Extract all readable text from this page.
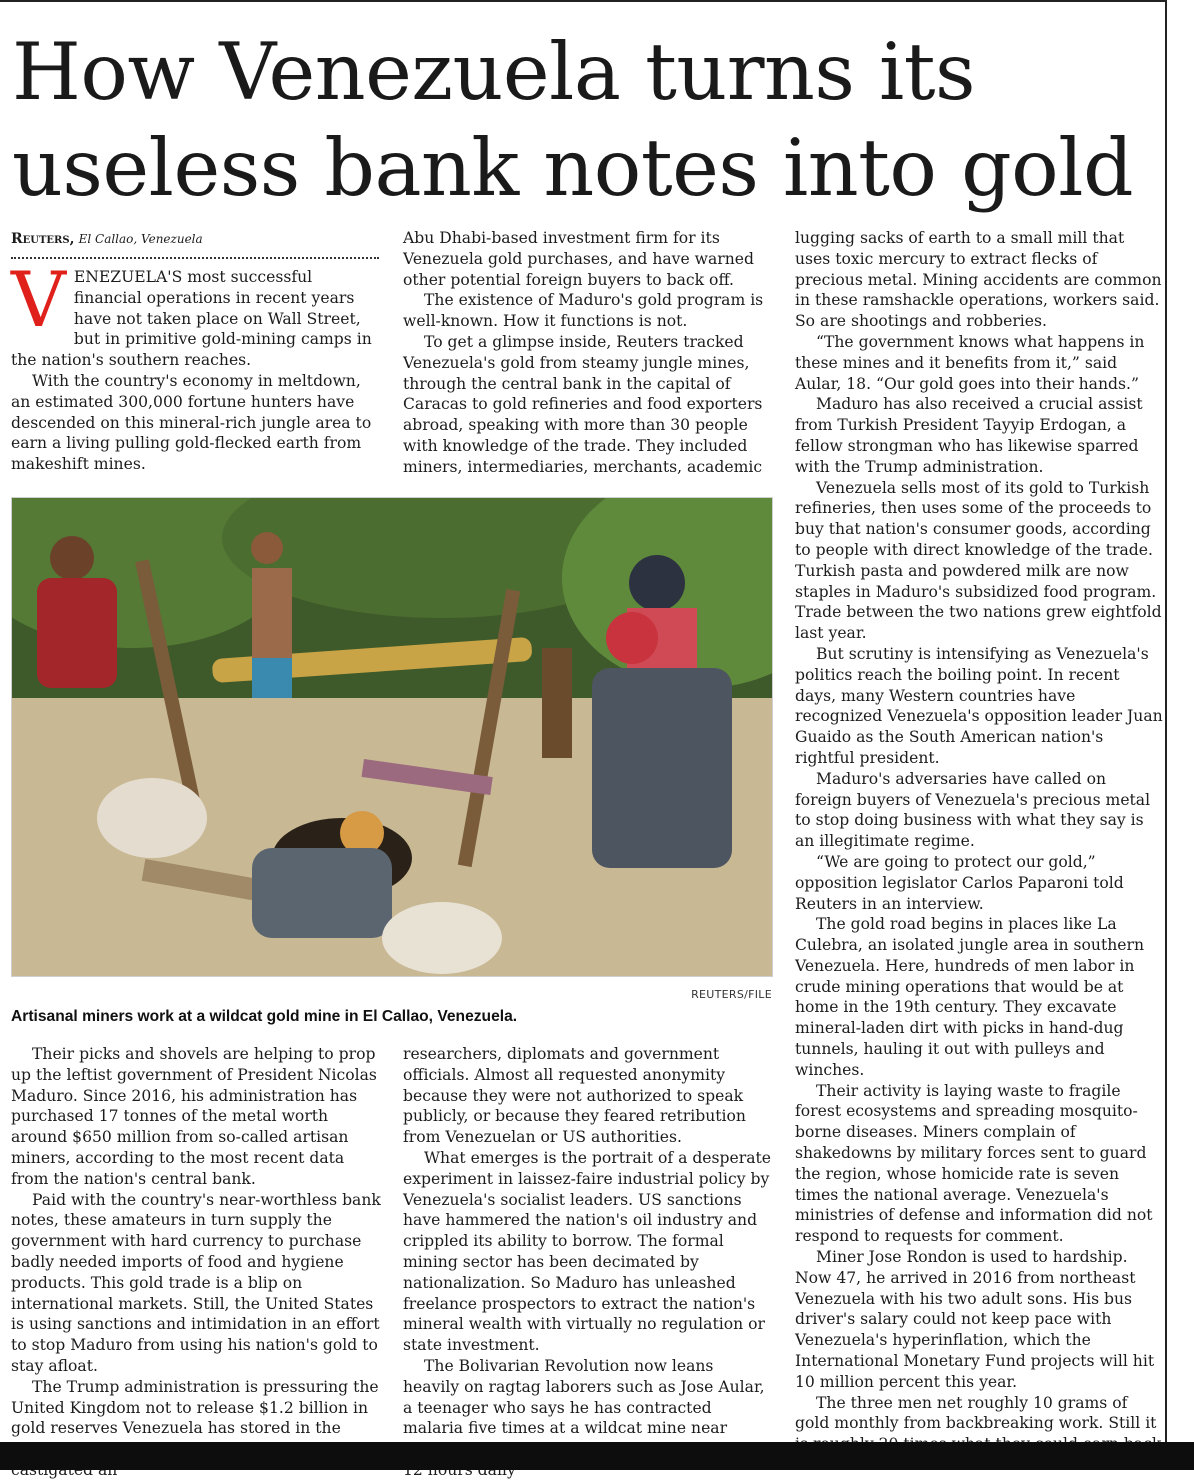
How Venezuela turns its useless bank notes into gold
Reuters, El Callao, Venezuela
V ENEZUELA'S most successful financial operations in recent years have not taken place on Wall Street, but in primitive gold-mining camps in the nation's southern reaches.

With the country's economy in meltdown, an estimated 300,000 fortune hunters have descended on this mineral-rich jungle area to earn a living pulling gold-flecked earth from makeshift mines.

Abu Dhabi-based investment firm for its Venezuela gold purchases, and have warned other potential foreign buyers to back off.

The existence of Maduro's gold program is well-known. How it functions is not.

To get a glimpse inside, Reuters tracked Venezuela's gold from steamy jungle mines, through the central bank in the capital of Caracas to gold refineries and food exporters abroad, speaking with more than 30 people with knowledge of the trade. They included miners, intermediaries, merchants, academic

REUTERS/FILE
Artisanal miners work at a wildcat gold mine in El Callao, Venezuela.

Their picks and shovels are helping to prop up the leftist government of President Nicolas Maduro. Since 2016, his administration has purchased 17 tonnes of the metal worth around $650 million from so-called artisan miners, according to the most recent data from the nation's central bank.

Paid with the country's near-worthless bank notes, these amateurs in turn supply the government with hard currency to purchase badly needed imports of food and hygiene products. This gold trade is a blip on international markets. Still, the United States is using sanctions and intimidation in an effort to stop Maduro from using his nation's gold to stay afloat.

The Trump administration is pressuring the United Kingdom not to release $1.2 billion in gold reserves Venezuela has stored in the

researchers, diplomats and government officials. Almost all requested anonymity because they were not authorized to speak publicly, or because they feared retribution from Venezuelan or US authorities.

What emerges is the portrait of a desperate experiment in laissez-faire industrial policy by Venezuela's socialist leaders. US sanctions have hammered the nation's oil industry and crippled its ability to borrow. The formal mining sector has been decimated by nationalization. So Maduro has unleashed freelance prospectors to extract the nation's mineral wealth with virtually no regulation or state investment.

The Bolivarian Revolution now leans heavily on ragtag laborers such as Jose Aular, a teenager who says he has contracted malaria five times at a wildcat mine near

lugging sacks of earth to a small mill that uses toxic mercury to extract flecks of precious metal. Mining accidents are common in these ramshackle operations, workers said. So are shootings and robberies.

“The government knows what happens in these mines and it benefits from it,” said Aular, 18. “Our gold goes into their hands.”

Maduro has also received a crucial assist from Turkish President Tayyip Erdogan, a fellow strongman who has likewise sparred with the Trump administration.

Venezuela sells most of its gold to Turkish refineries, then uses some of the proceeds to buy that nation's consumer goods, according to people with direct knowledge of the trade. Turkish pasta and powdered milk are now staples in Maduro's subsidized food program. Trade between the two nations grew eightfold last year.

But scrutiny is intensifying as Venezuela's politics reach the boiling point. In recent days, many Western countries have recognized Venezuela's opposition leader Juan Guaido as the South American nation's rightful president.

Maduro's adversaries have called on foreign buyers of Venezuela's precious metal to stop doing business with what they say is an illegitimate regime.

“We are going to protect our gold,” opposition legislator Carlos Paparoni told Reuters in an interview.

The gold road begins in places like La Culebra, an isolated jungle area in southern Venezuela. Here, hundreds of men labor in crude mining operations that would be at home in the 19th century. They excavate mineral-laden dirt with picks in hand-dug tunnels, hauling it out with pulleys and winches.

Their activity is laying waste to fragile forest ecosystems and spreading mosquito-borne diseases. Miners complain of shakedowns by military forces sent to guard the region, whose homicide rate is seven times the national average. Venezuela's ministries of defense and information did not respond to requests for comment.

Miner Jose Rondon is used to hardship. Now 47, he arrived in 2016 from northeast Venezuela with his two adult sons. His bus driver's salary could not keep pace with Venezuela's hyperinflation, which the International Monetary Fund projects will hit 10 million percent this year.

The three men net roughly 10 grams of gold monthly from backbreaking work. Still it
